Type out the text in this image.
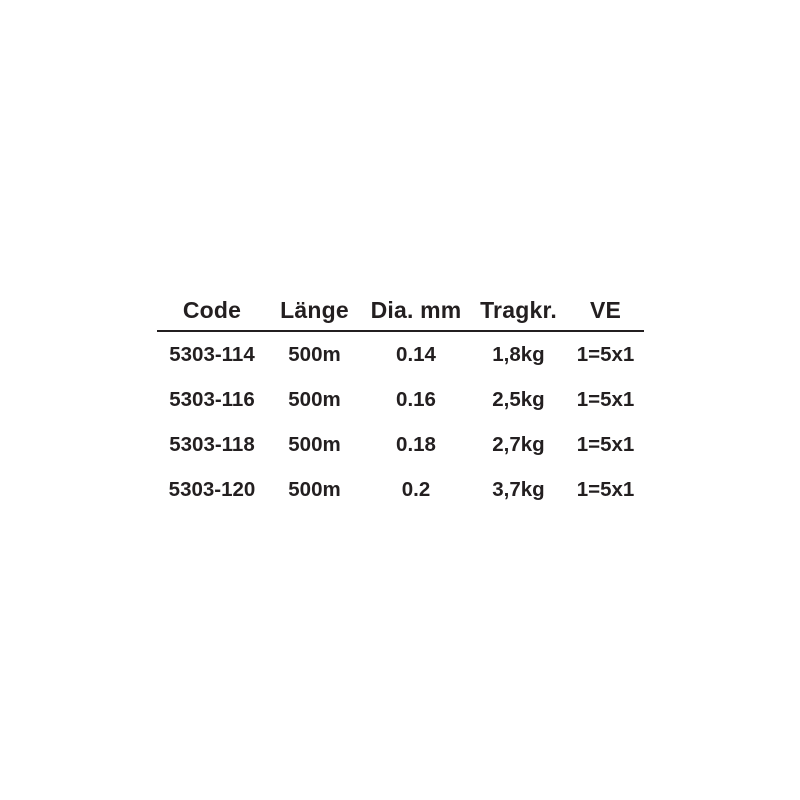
Code	Länge	Dia. mm	Tragkr.	VE
5303-114	500m	0.14	1,8kg	1=5x1
5303-116	500m	0.16	2,5kg	1=5x1
5303-118	500m	0.18	2,7kg	1=5x1
5303-120	500m	0.2	3,7kg	1=5x1
